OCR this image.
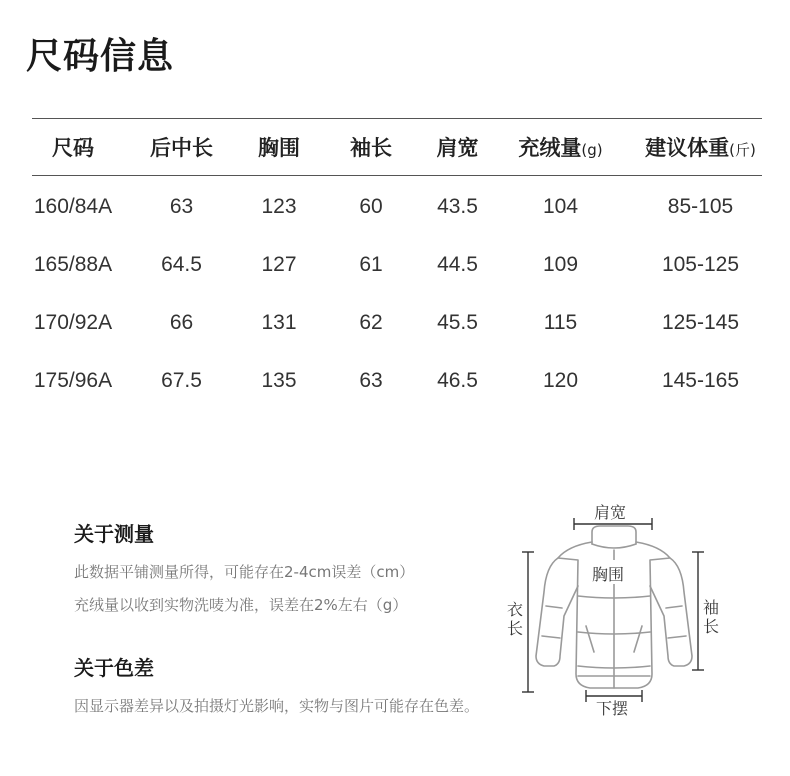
尺码信息
尺码	后中长	胸围	袖长	肩宽	充绒量(g)	建议体重(斤)
160/84A	63	123	60	43.5	104	85-105
165/88A	64.5	127	61	44.5	109	105-125
170/92A	66	131	62	45.5	115	125-145
175/96A	67.5	135	63	46.5	120	145-165
关于测量
此数据平铺测量所得，可能存在2-4cm误差（cm）
充绒量以收到实物洗唛为准，误差在2%左右（g）
关于色差
因显示器差异以及拍摄灯光影响，实物与图片可能存在色差。
肩宽
胸围
衣
长
袖
长
下摆
